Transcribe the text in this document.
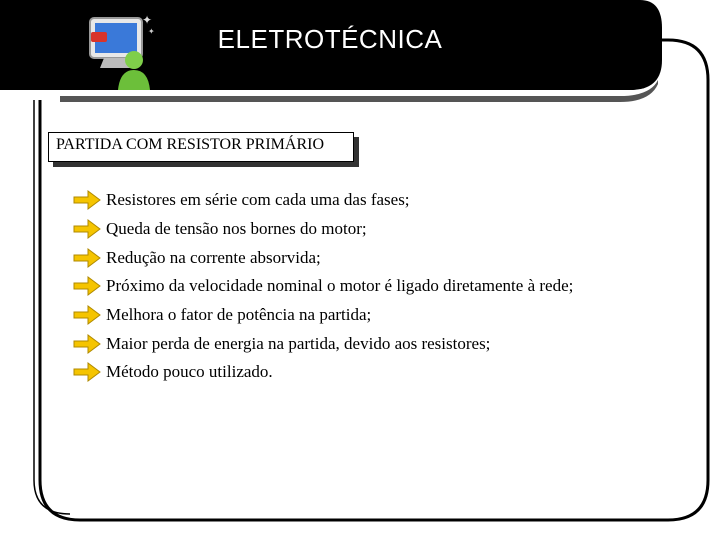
✦
✦	ELETROTÉCNICA
PARTIDA COM RESISTOR PRIMÁRIO
Resistores em série com cada uma das fases;
Queda de tensão nos bornes do motor;
Redução na corrente absorvida;
Próximo da velocidade nominal o motor é ligado diretamente à rede;
Melhora o fator de potência na partida;
Maior perda de energia na partida, devido aos resistores;
Método pouco utilizado.
